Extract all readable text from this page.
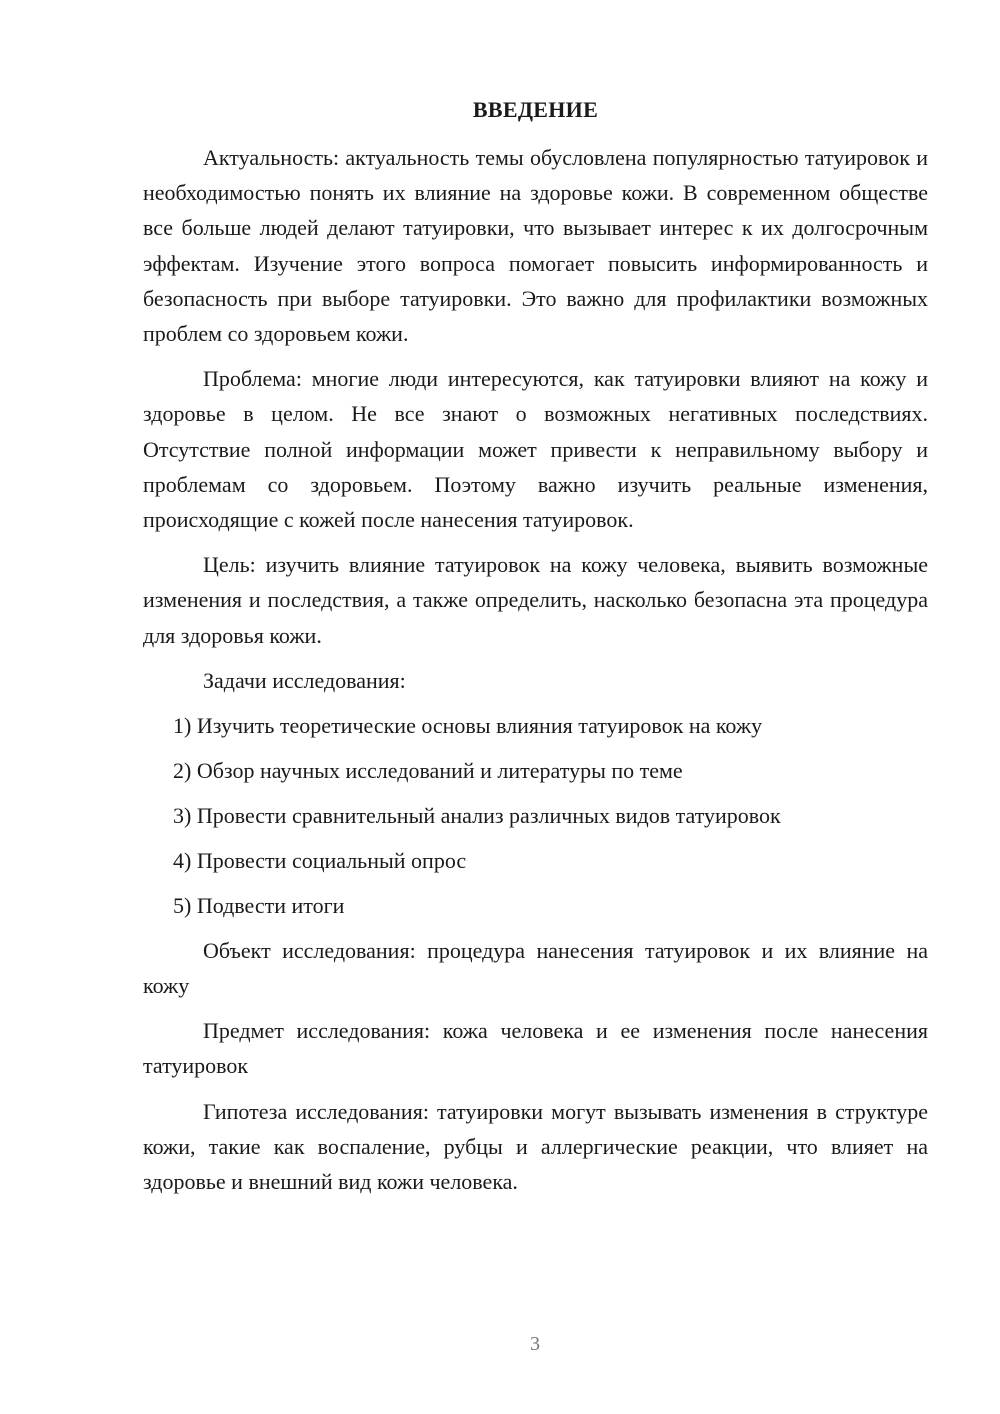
ВВЕДЕНИЕ

Актуальность: актуальность темы обусловлена популярностью татуировок и необходимостью понять их влияние на здоровье кожи. В современном обществе все больше людей делают татуировки, что вызывает интерес к их долгосрочным эффектам. Изучение этого вопроса помогает повысить информированность и безопасность при выборе татуировки. Это важно для профилактики возможных проблем со здоровьем кожи.

Проблема: многие люди интересуются, как татуировки влияют на кожу и здоровье в целом. Не все знают о возможных негативных последствиях. Отсутствие полной информации может привести к неправильному выбору и проблемам со здоровьем. Поэтому важно изучить реальные изменения, происходящие с кожей после нанесения татуировок.

Цель: изучить влияние татуировок на кожу человека, выявить возможные изменения и последствия, а также определить, насколько безопасна эта процедура для здоровья кожи.

Задачи исследования:
1) Изучить теоретические основы влияния татуировок на кожу
2) Обзор научных исследований и литературы по теме
3) Провести сравнительный анализ различных видов татуировок
4) Провести социальный опрос
5) Подвести итоги

Объект исследования: процедура нанесения татуировок и их влияние на кожу

Предмет исследования: кожа человека и ее изменения после нанесения татуировок

Гипотеза исследования: татуировки могут вызывать изменения в структуре кожи, такие как воспаление, рубцы и аллергические реакции, что влияет на здоровье и внешний вид кожи человека.

3
